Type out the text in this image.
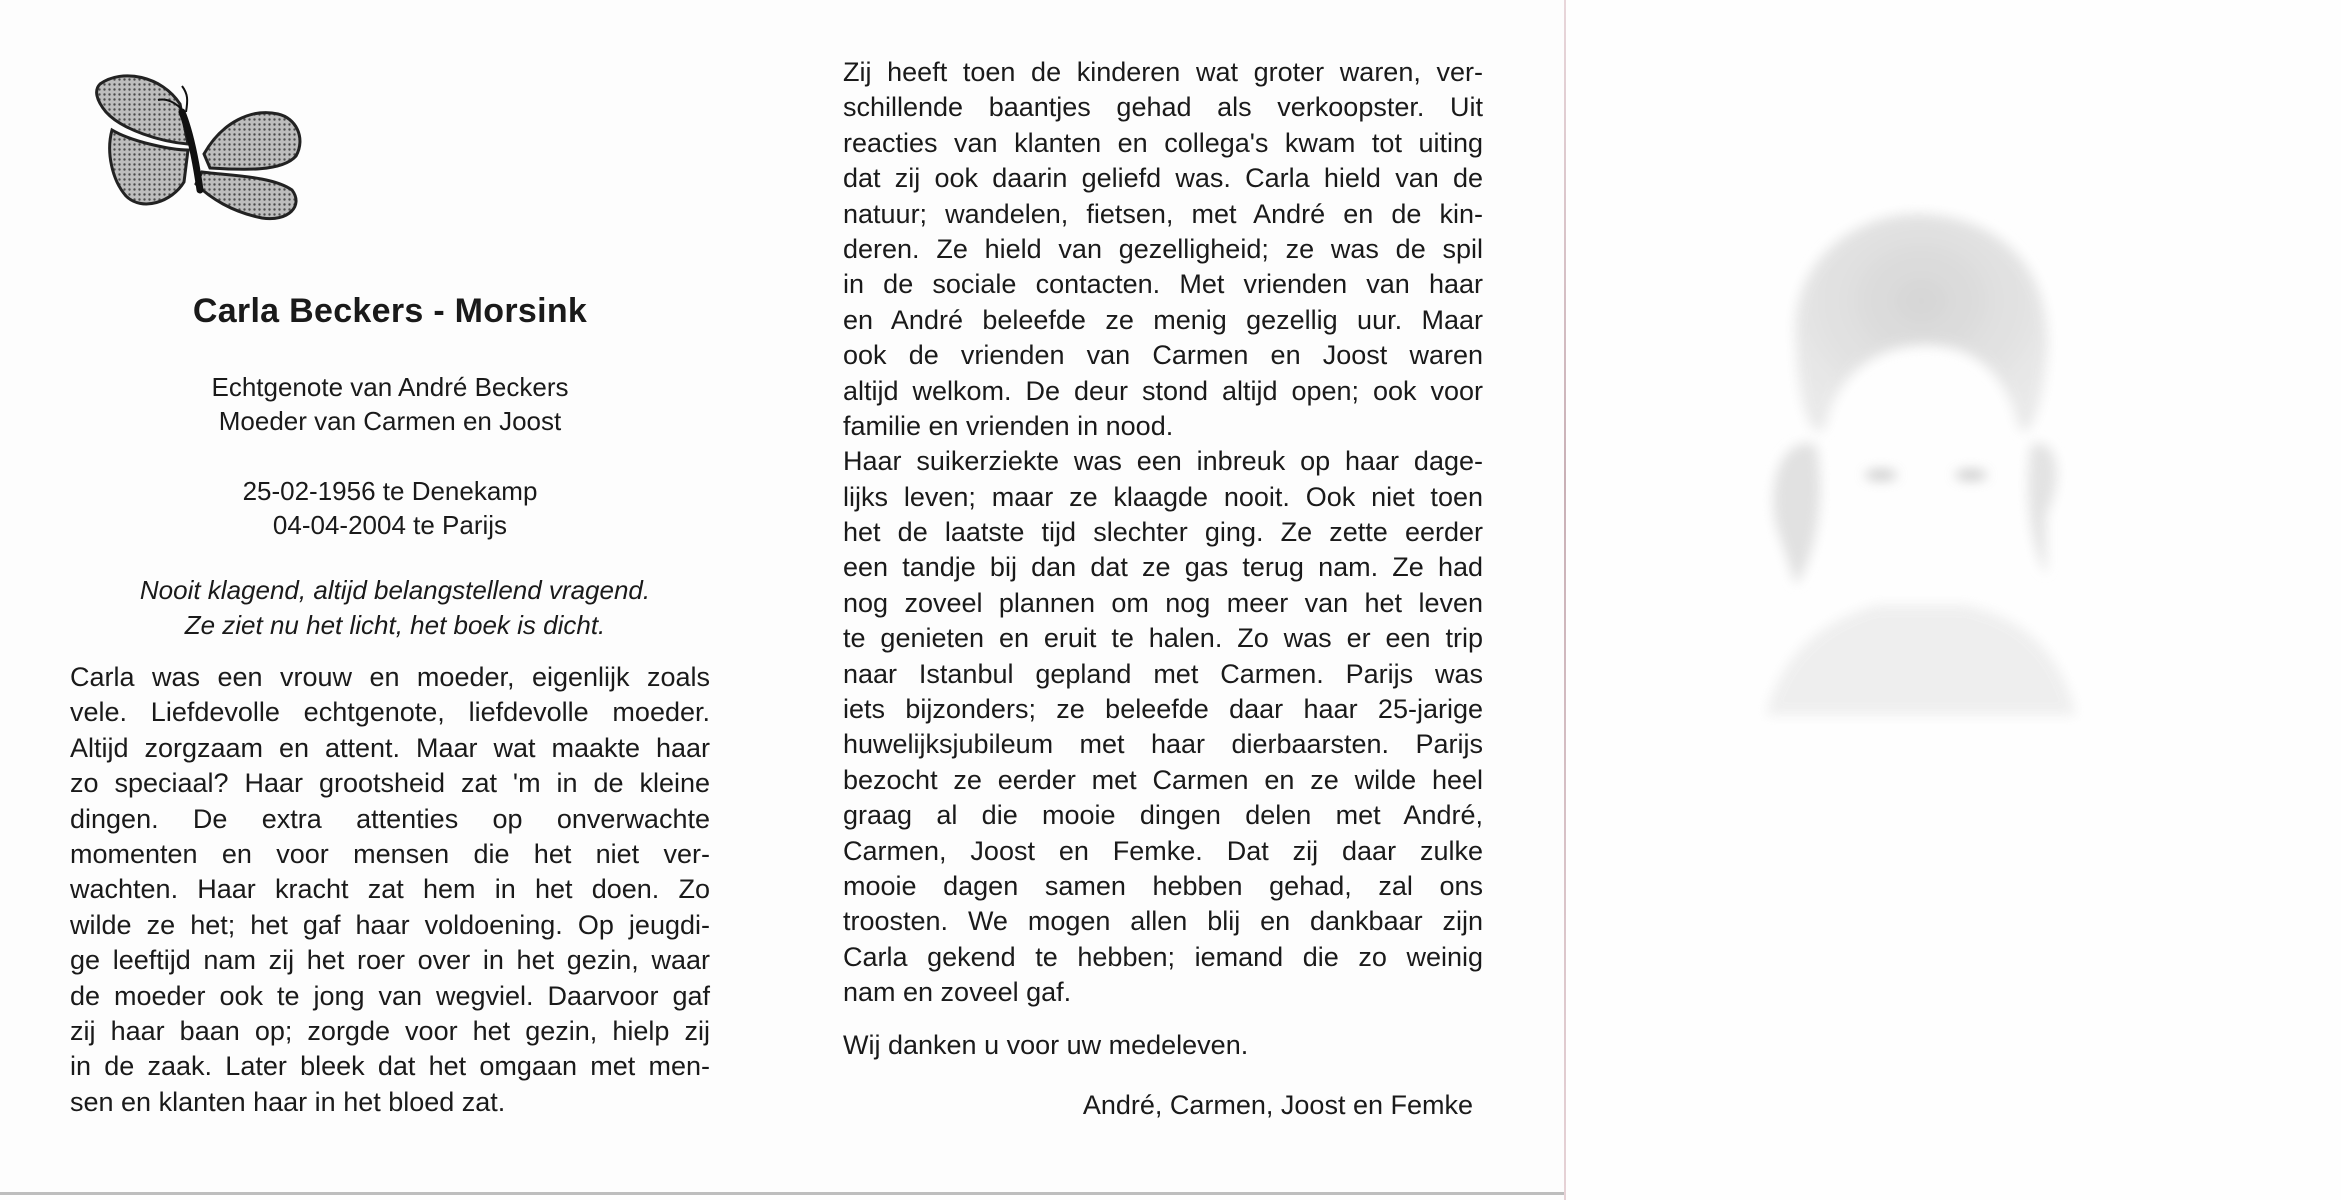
Carla Beckers - Morsink
Echtgenote van André Beckers
Moeder van Carmen en Joost
25-02-1956 te Denekamp
04-04-2004 te Parijs
Nooit klagend, altijd belangstellend vragend.
Ze ziet nu het licht, het boek is dicht.
Carla was een vrouw en moeder, eigenlijk zoals
vele. Liefdevolle echtgenote, liefdevolle moeder.
Altijd zorgzaam en attent. Maar wat maakte haar
zo speciaal? Haar grootsheid zat 'm in de kleine
dingen. De extra attenties op onverwachte
momenten en voor mensen die het niet ver-
wachten. Haar kracht zat hem in het doen. Zo
wilde ze het; het gaf haar voldoening. Op jeugdi-
ge leeftijd nam zij het roer over in het gezin, waar
de moeder ook te jong van wegviel. Daarvoor gaf
zij haar baan op; zorgde voor het gezin, hielp zij
in de zaak. Later bleek dat het omgaan met men-
sen en klanten haar in het bloed zat.
Zij heeft toen de kinderen wat groter waren, ver-
schillende baantjes gehad als verkoopster. Uit
reacties van klanten en collega's kwam tot uiting
dat zij ook daarin geliefd was. Carla hield van de
natuur; wandelen, fietsen, met André en de kin-
deren. Ze hield van gezelligheid; ze was de spil
in de sociale contacten. Met vrienden van haar
en André beleefde ze menig gezellig uur. Maar
ook de vrienden van Carmen en Joost waren
altijd welkom. De deur stond altijd open; ook voor
familie en vrienden in nood.
Haar suikerziekte was een inbreuk op haar dage-
lijks leven; maar ze klaagde nooit. Ook niet toen
het de laatste tijd slechter ging. Ze zette eerder
een tandje bij dan dat ze gas terug nam. Ze had
nog zoveel plannen om nog meer van het leven
te genieten en eruit te halen. Zo was er een trip
naar Istanbul gepland met Carmen. Parijs was
iets bijzonders; ze beleefde daar haar 25-jarige
huwelijksjubileum met haar dierbaarsten. Parijs
bezocht ze eerder met Carmen en ze wilde heel
graag al die mooie dingen delen met André,
Carmen, Joost en Femke. Dat zij daar zulke
mooie dagen samen hebben gehad, zal ons
troosten. We mogen allen blij en dankbaar zijn
Carla gekend te hebben; iemand die zo weinig
nam en zoveel gaf.
Wij danken u voor uw medeleven.
André, Carmen, Joost en Femke
